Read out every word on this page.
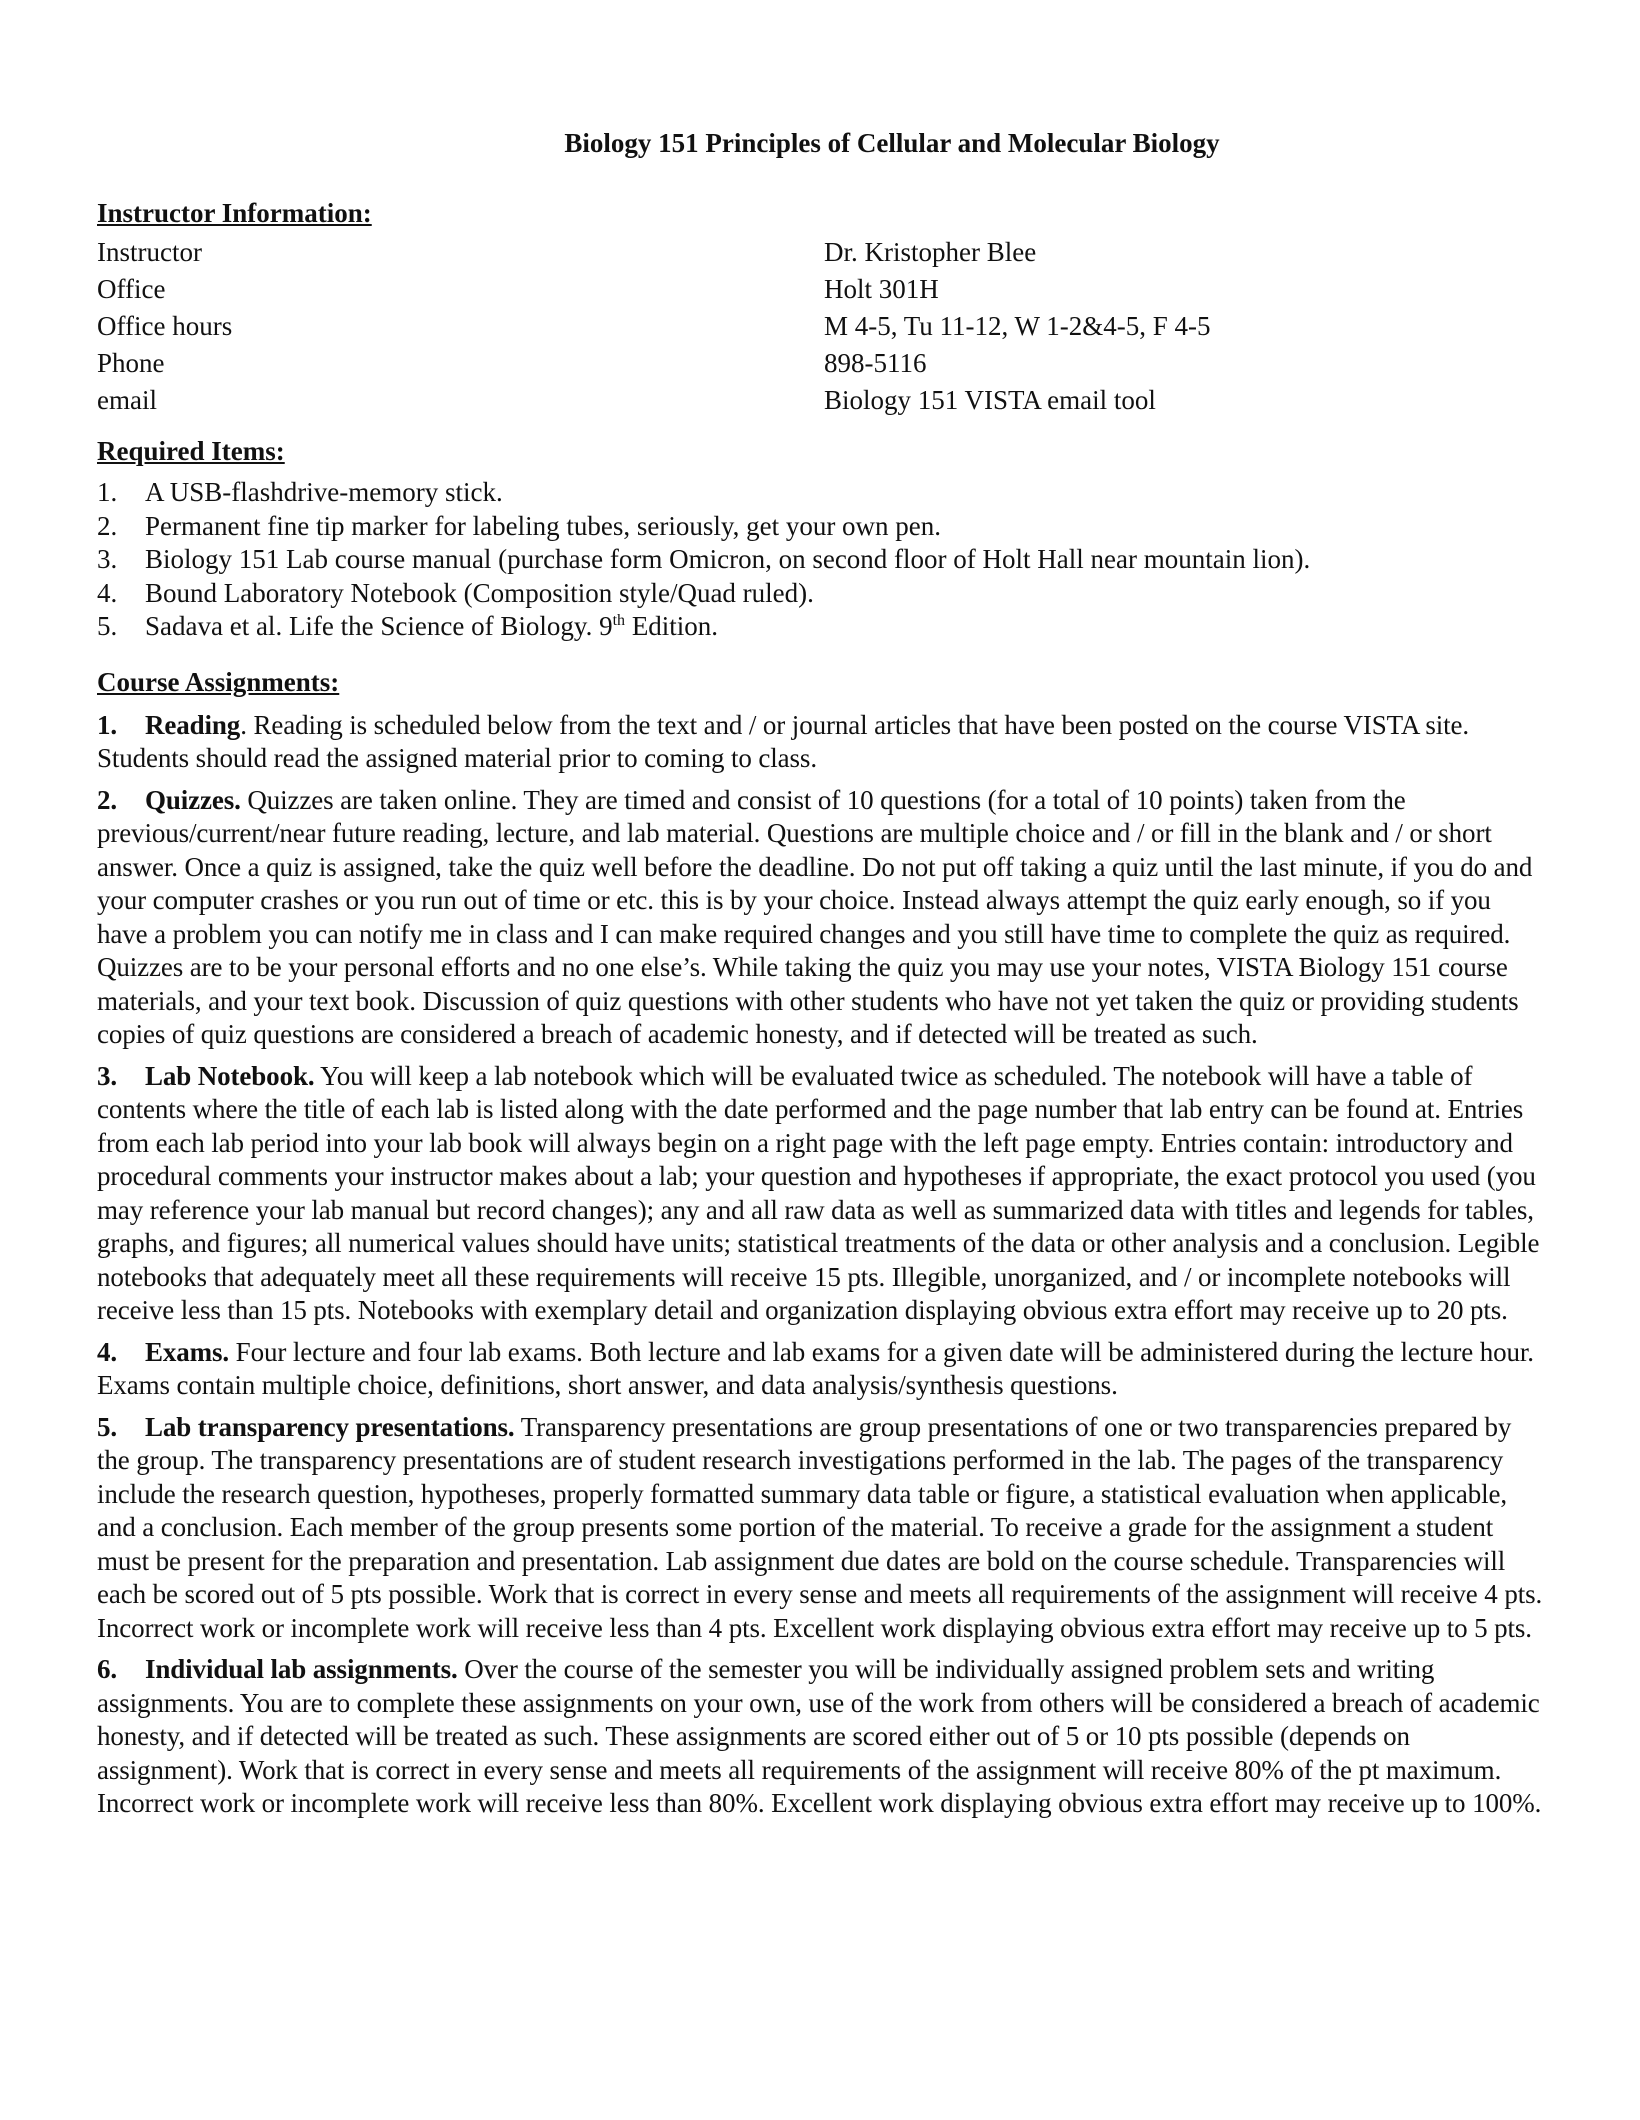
Biology 151 Principles of Cellular and Molecular Biology
Instructor Information:
Instructor	Dr. Kristopher Blee
Office	Holt 301H
Office hours	M 4-5, Tu 11-12, W 1-2&4-5, F 4-5
Phone	898-5116
email	Biology 151 VISTA email tool
Required Items:
1.	A USB-flashdrive-memory stick.
2.	Permanent fine tip marker for labeling tubes, seriously, get your own pen.
3.	Biology 151 Lab course manual (purchase form Omicron, on second floor of Holt Hall near mountain lion).
4.	Bound Laboratory Notebook (Composition style/Quad ruled).
5.	Sadava et al. Life the Science of Biology. 9th Edition.
Course Assignments:

1. Reading. Reading is scheduled below from the text and / or journal articles that have been posted on the course VISTA site. Students should read the assigned material prior to coming to class.

2. Quizzes. Quizzes are taken online. They are timed and consist of 10 questions (for a total of 10 points) taken from the previous/current/near future reading, lecture, and lab material. Questions are multiple choice and / or fill in the blank and / or short answer. Once a quiz is assigned, take the quiz well before the deadline. Do not put off taking a quiz until the last minute, if you do and your computer crashes or you run out of time or etc. this is by your choice. Instead always attempt the quiz early enough, so if you have a problem you can notify me in class and I can make required changes and you still have time to complete the quiz as required. Quizzes are to be your personal efforts and no one else’s. While taking the quiz you may use your notes, VISTA Biology 151 course materials, and your text book. Discussion of quiz questions with other students who have not yet taken the quiz or providing students copies of quiz questions are considered a breach of academic honesty, and if detected will be treated as such.

3. Lab Notebook. You will keep a lab notebook which will be evaluated twice as scheduled. The notebook will have a table of contents where the title of each lab is listed along with the date performed and the page number that lab entry can be found at. Entries from each lab period into your lab book will always begin on a right page with the left page empty. Entries contain: introductory and procedural comments your instructor makes about a lab; your question and hypotheses if appropriate, the exact protocol you used (you may reference your lab manual but record changes); any and all raw data as well as summarized data with titles and legends for tables, graphs, and figures; all numerical values should have units; statistical treatments of the data or other analysis and a conclusion. Legible notebooks that adequately meet all these requirements will receive 15 pts. Illegible, unorganized, and / or incomplete notebooks will receive less than 15 pts. Notebooks with exemplary detail and organization displaying obvious extra effort may receive up to 20 pts.

4. Exams. Four lecture and four lab exams. Both lecture and lab exams for a given date will be administered during the lecture hour. Exams contain multiple choice, definitions, short answer, and data analysis/synthesis questions.

5. Lab transparency presentations. Transparency presentations are group presentations of one or two transparencies prepared by the group. The transparency presentations are of student research investigations performed in the lab. The pages of the transparency include the research question, hypotheses, properly formatted summary data table or figure, a statistical evaluation when applicable, and a conclusion. Each member of the group presents some portion of the material. To receive a grade for the assignment a student must be present for the preparation and presentation. Lab assignment due dates are bold on the course schedule. Transparencies will each be scored out of 5 pts possible. Work that is correct in every sense and meets all requirements of the assignment will receive 4 pts. Incorrect work or incomplete work will receive less than 4 pts. Excellent work displaying obvious extra effort may receive up to 5 pts.

6. Individual lab assignments. Over the course of the semester you will be individually assigned problem sets and writing assignments. You are to complete these assignments on your own, use of the work from others will be considered a breach of academic honesty, and if detected will be treated as such. These assignments are scored either out of 5 or 10 pts possible (depends on assignment). Work that is correct in every sense and meets all requirements of the assignment will receive 80% of the pt maximum. Incorrect work or incomplete work will receive less than 80%. Excellent work displaying obvious extra effort may receive up to 100%.
